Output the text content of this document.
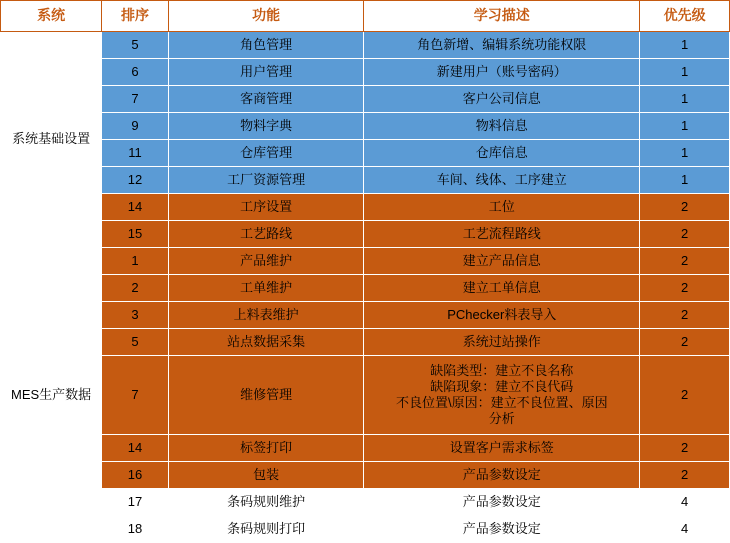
系统	排序	功能	学习描述	优先级
系统基础设置	5	角色管理	角色新增、编辑系统功能权限	1
	6	用户管理	新建用户（账号密码）	1
	7	客商管理	客户公司信息	1
	9	物料字典	物料信息	1
	11	仓库管理	仓库信息	1
	12	工厂资源管理	车间、线体、工序建立	1
	14	工序设置	工位	2
	15	工艺路线	工艺流程路线	2
MES生产数据	1	产品维护	建立产品信息	2
	2	工单维护	建立工单信息	2
	3	上料表维护	PChecker料表导入	2
	5	站点数据采集	系统过站操作	2
	7	维修管理	缺陷类型：建立不良名称
缺陷现象：建立不良代码
不良位置\原因：建立不良位置、原因
分析	2
	14	标签打印	设置客户需求标签	2
	16	包装	产品参数设定	2
	17	条码规则维护	产品参数设定	4
	18	条码规则打印	产品参数设定	4
